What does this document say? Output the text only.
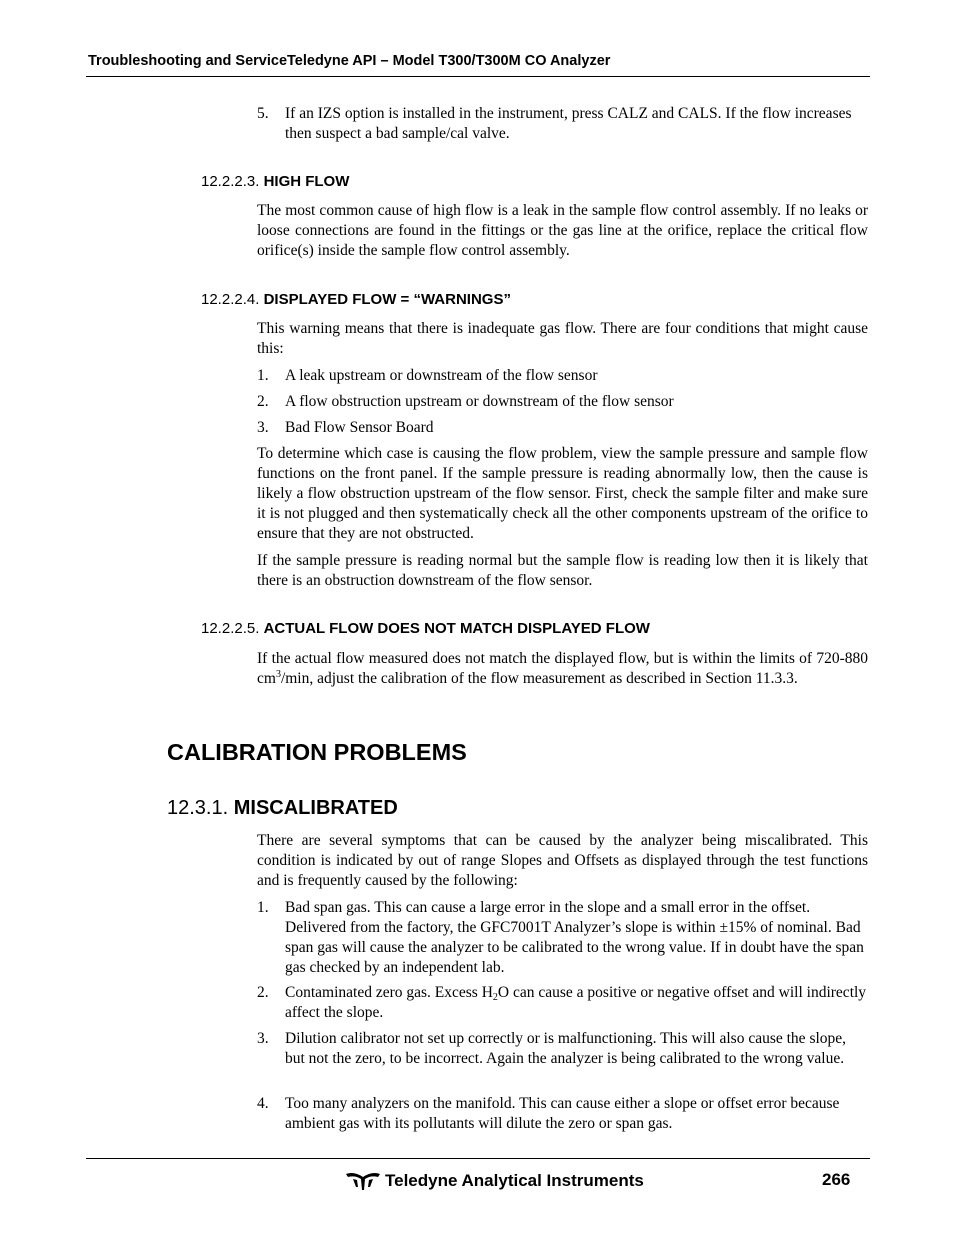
Troubleshooting and ServiceTeledyne API – Model T300/T300M CO Analyzer
5. If an IZS option is installed in the instrument, press CALZ and CALS. If the flow increases then suspect a bad sample/cal valve.
12.2.2.3. HIGH FLOW
The most common cause of high flow is a leak in the sample flow control assembly. If no leaks or loose connections are found in the fittings or the gas line at the orifice, replace the critical flow orifice(s) inside the sample flow control assembly.
12.2.2.4. DISPLAYED FLOW = “WARNINGS”
This warning means that there is inadequate gas flow. There are four conditions that might cause this:
1. A leak upstream or downstream of the flow sensor
2. A flow obstruction upstream or downstream of the flow sensor
3. Bad Flow Sensor Board
To determine which case is causing the flow problem, view the sample pressure and sample flow functions on the front panel. If the sample pressure is reading abnormally low, then the cause is likely a flow obstruction upstream of the flow sensor. First, check the sample filter and make sure it is not plugged and then systematically check all the other components upstream of the orifice to ensure that they are not obstructed.
If the sample pressure is reading normal but the sample flow is reading low then it is likely that there is an obstruction downstream of the flow sensor.
12.2.2.5. ACTUAL FLOW DOES NOT MATCH DISPLAYED FLOW
If the actual flow measured does not match the displayed flow, but is within the limits of 720-880 $cm^3/\min$, adjust the calibration of the flow measurement as described in Section 11.3.3.
CALIBRATION PROBLEMS
12.3.1. MISCALIBRATED
There are several symptoms that can be caused by the analyzer being miscalibrated. This condition is indicated by out of range Slopes and Offsets as displayed through the test functions and is frequently caused by the following:
1. Bad span gas. This can cause a large error in the slope and a small error in the offset. Delivered from the factory, the GFC7001T Analyzer’s slope is within ±15% of nominal. Bad span gas will cause the analyzer to be calibrated to the wrong value. If in doubt have the span gas checked by an independent lab.
2. Contaminated zero gas. Excess $H_2O$ can cause a positive or negative offset and will indirectly affect the slope.
3. Dilution calibrator not set up correctly or is malfunctioning. This will also cause the slope, but not the zero, to be incorrect. Again the analyzer is being calibrated to the wrong value.
4. Too many analyzers on the manifold. This can cause either a slope or offset error because ambient gas with its pollutants will dilute the zero or span gas.
Teledyne Analytical Instruments	266
